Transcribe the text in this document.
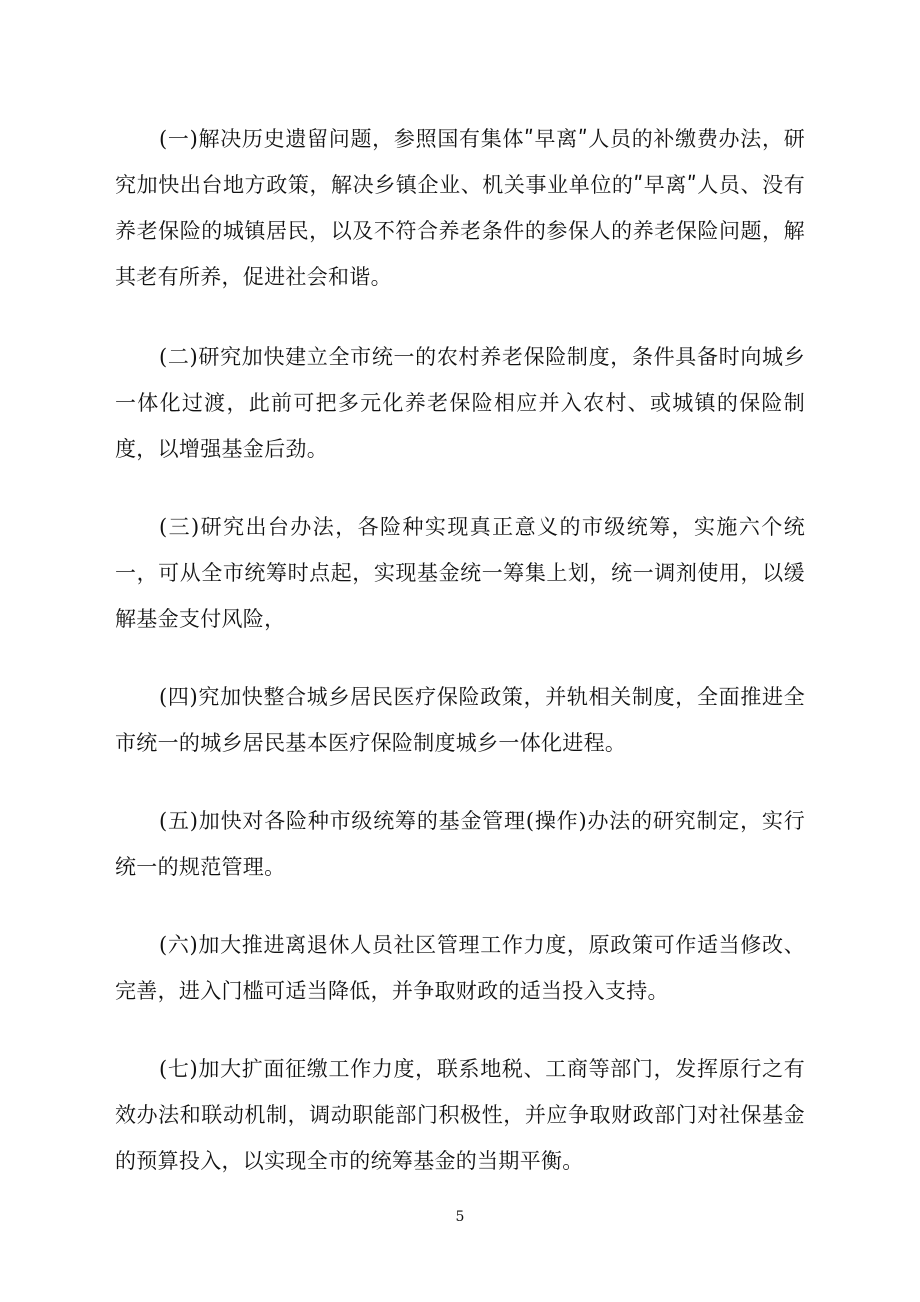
(一)解决历史遗留问题，参照国有集体ʺ早离ʺ人员的补缴费办法，研究加快出台地方政策，解决乡镇企业、机关事业单位的ʺ早离ʺ人员、没有养老保险的城镇居民，以及不符合养老条件的参保人的养老保险问题，解其老有所养，促进社会和谐。

(二)研究加快建立全市统一的农村养老保险制度，条件具备时向城乡一体化过渡，此前可把多元化养老保险相应并入农村、或城镇的保险制度，以增强基金后劲。

(三)研究出台办法，各险种实现真正意义的市级统筹，实施六个统一，可从全市统筹时点起，实现基金统一筹集上划，统一调剂使用，以缓解基金支付风险，

(四)究加快整合城乡居民医疗保险政策，并轨相关制度，全面推进全市统一的城乡居民基本医疗保险制度城乡一体化进程。

(五)加快对各险种市级统筹的基金管理(操作)办法的研究制定，实行统一的规范管理。

(六)加大推进离退休人员社区管理工作力度，原政策可作适当修改、完善，进入门槛可适当降低，并争取财政的适当投入支持。

(七)加大扩面征缴工作力度，联系地税、工商等部门，发挥原行之有效办法和联动机制，调动职能部门积极性，并应争取财政部门对社保基金的预算投入，以实现全市的统筹基金的当期平衡。

5
